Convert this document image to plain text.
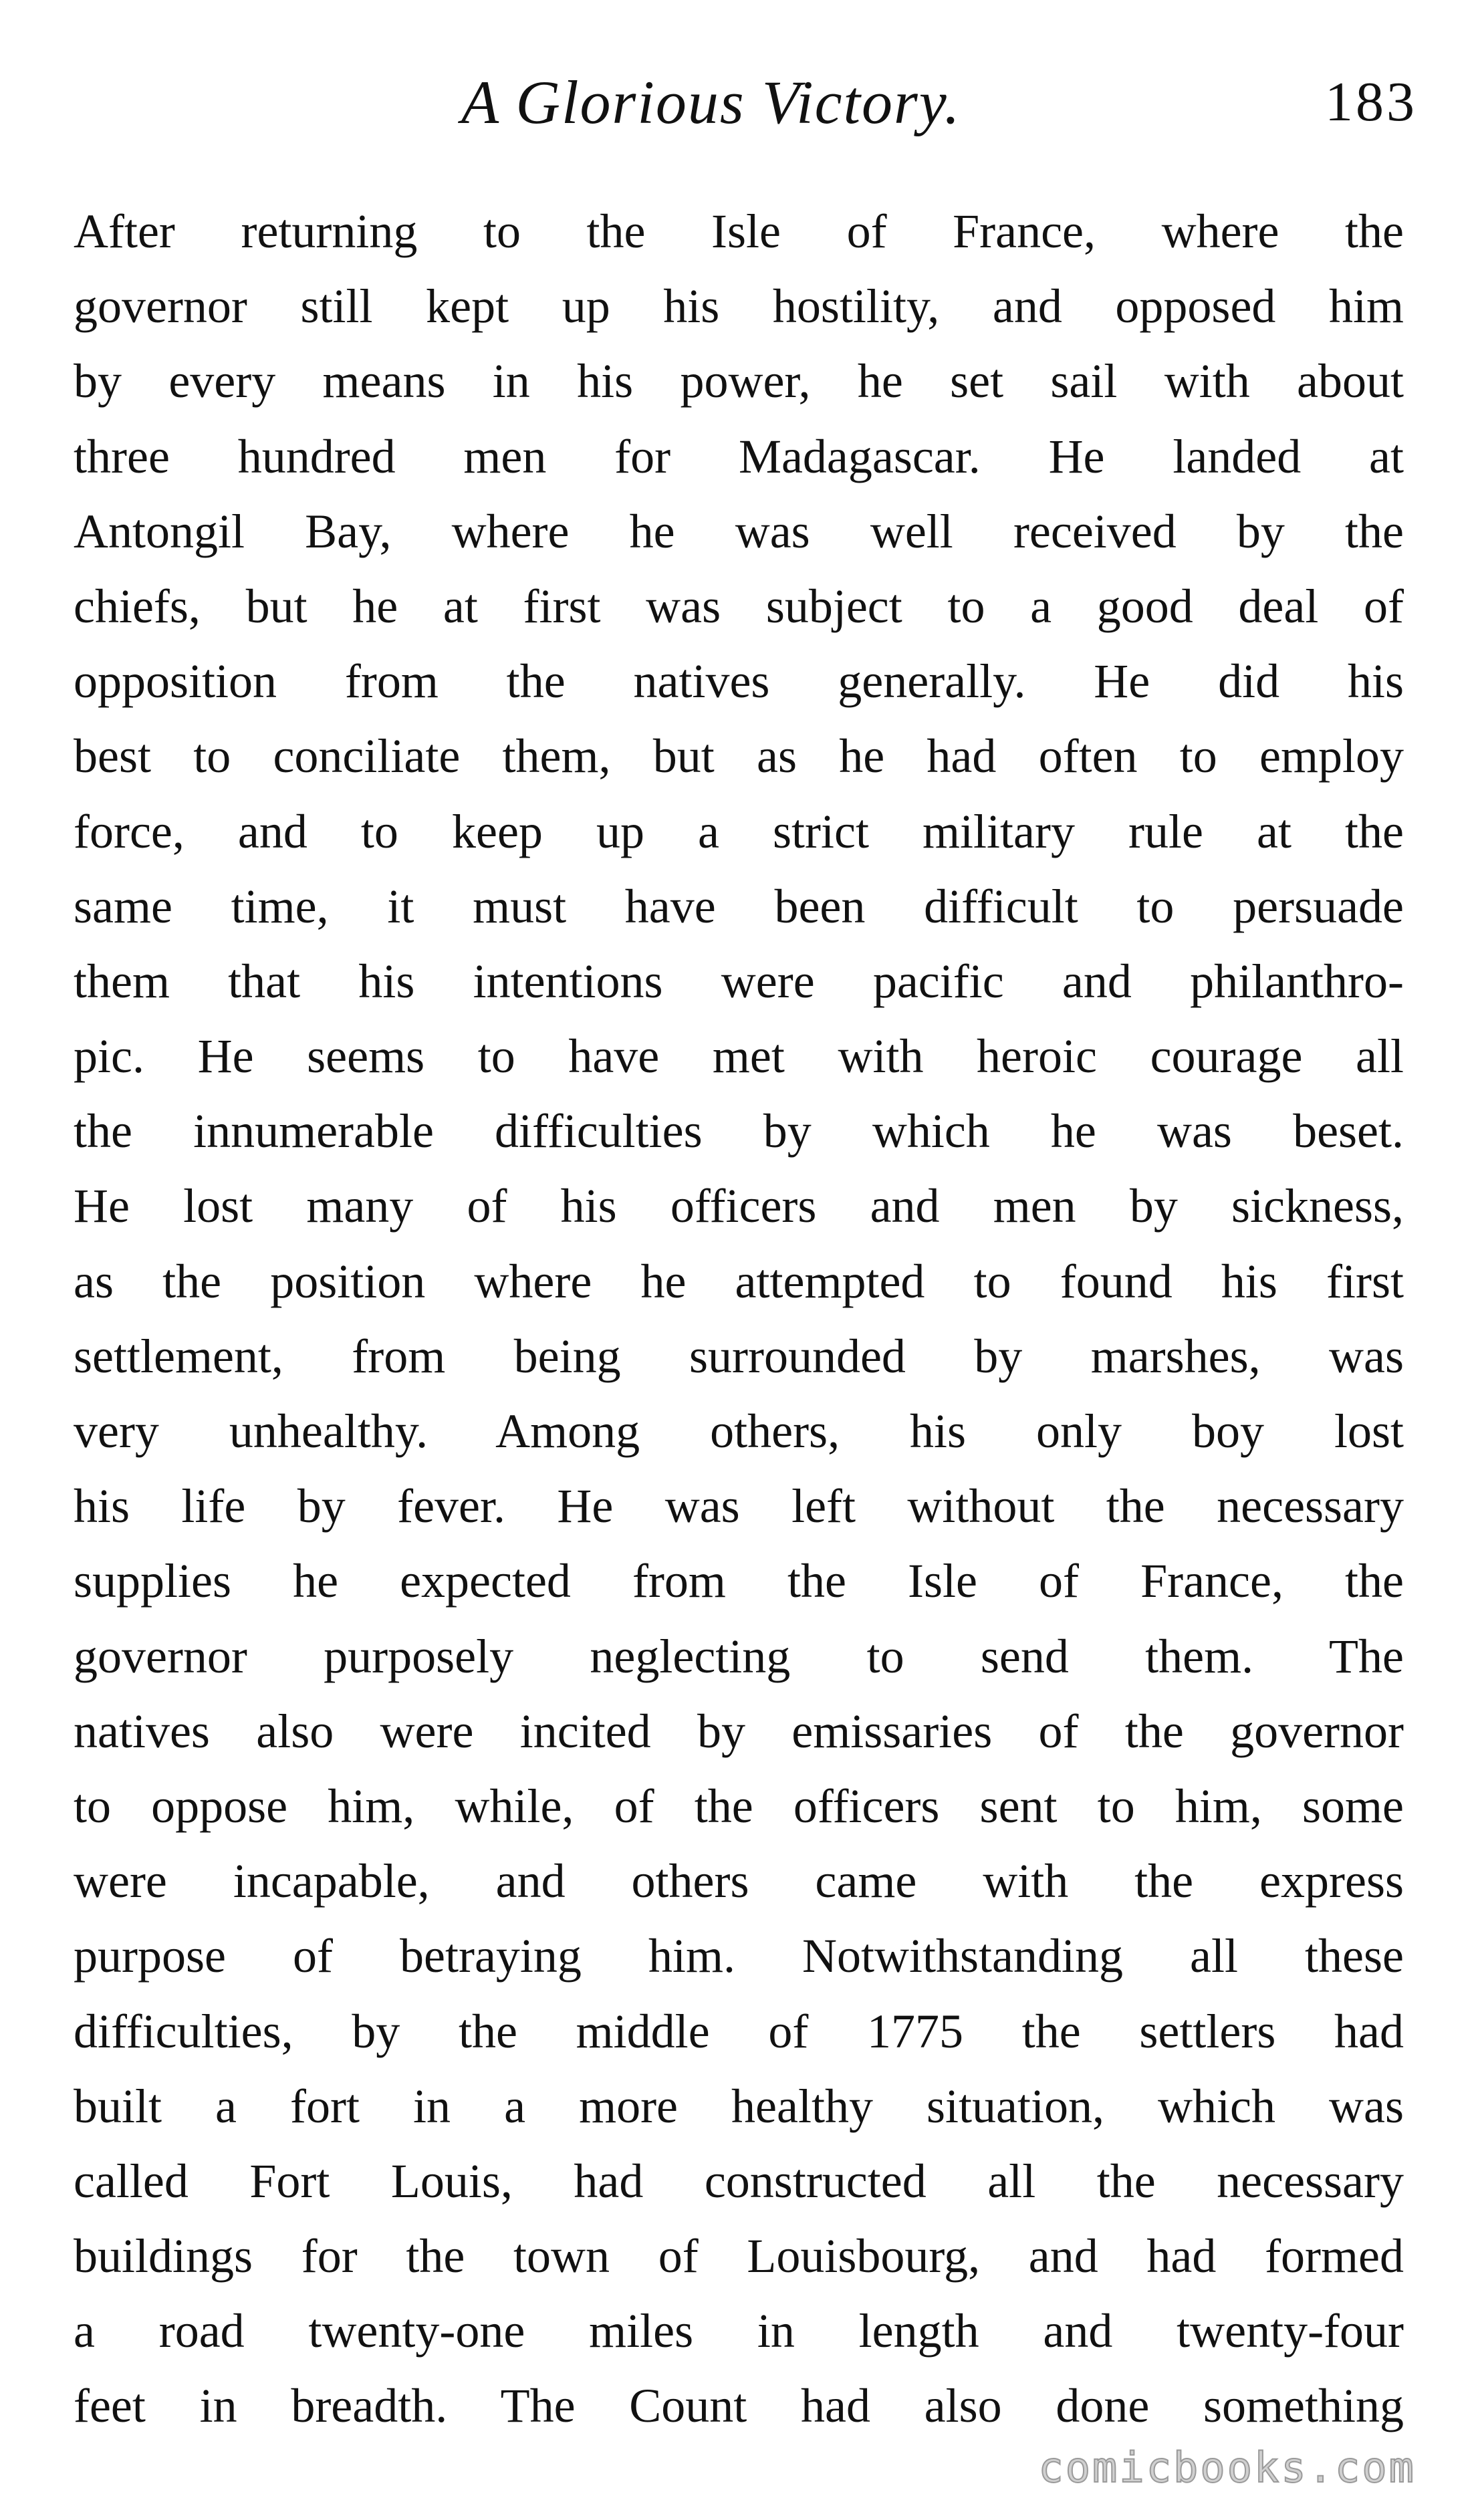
A Glorious Victory.	183
After returning to the Isle of France, where the
governor still kept up his hostility, and opposed him
by every means in his power, he set sail with about
three hundred men for Madagascar. He landed at
Antongil Bay, where he was well received by the
chiefs, but he at first was subject to a good deal of
opposition from the natives generally. He did his
best to conciliate them, but as he had often to employ
force, and to keep up a strict military rule at the
same time, it must have been difficult to persuade
them that his intentions were pacific and philanthro-
pic. He seems to have met with heroic courage all
the innumerable difficulties by which he was beset.
He lost many of his officers and men by sickness,
as the position where he attempted to found his first
settlement, from being surrounded by marshes, was
very unhealthy. Among others, his only boy lost
his life by fever. He was left without the necessary
supplies he expected from the Isle of France, the
governor purposely neglecting to send them. The
natives also were incited by emissaries of the governor
to oppose him, while, of the officers sent to him, some
were incapable, and others came with the express
purpose of betraying him. Notwithstanding all these
difficulties, by the middle of 1775 the settlers had
built a fort in a more healthy situation, which was
called Fort Louis, had constructed all the necessary
buildings for the town of Louisbourg, and had formed
a road twenty-one miles in length and twenty-four
feet in breadth. The Count had also done something
comicbooks.com
